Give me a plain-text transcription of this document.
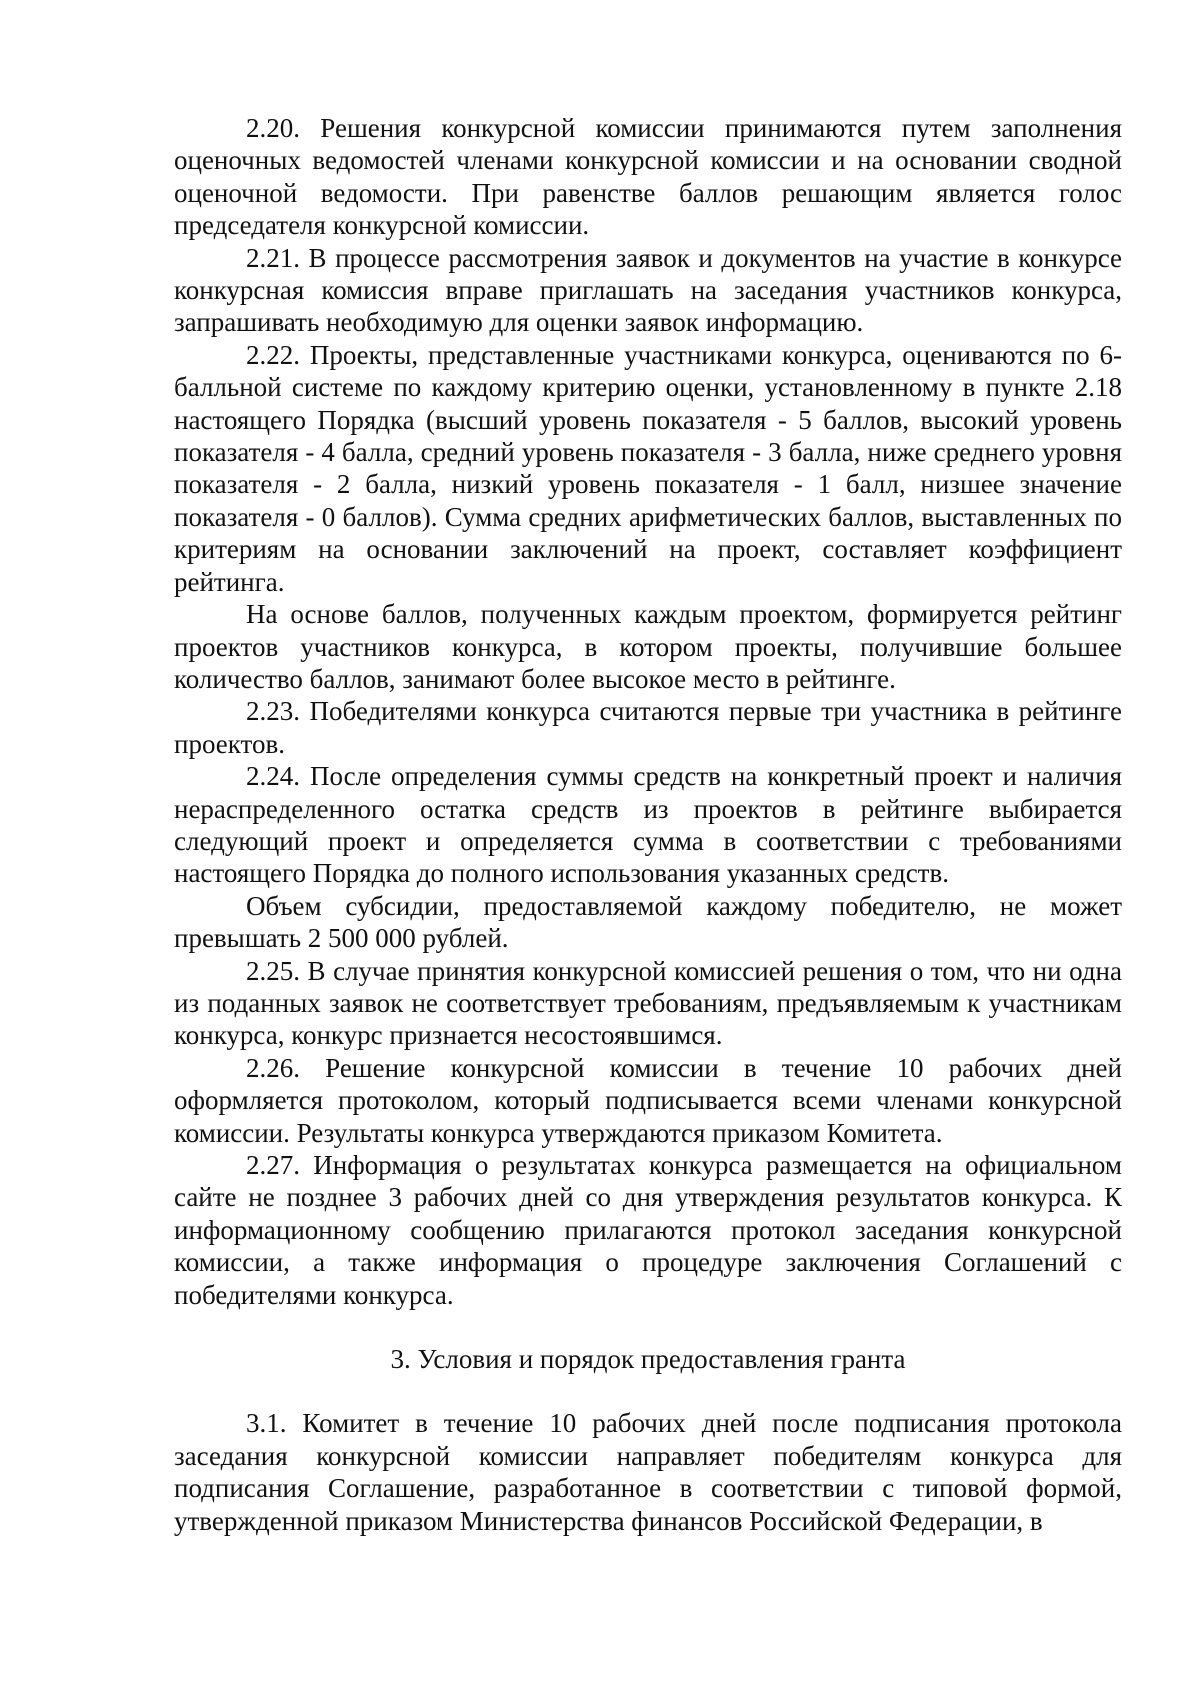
2.20. Решения конкурсной комиссии принимаются путем заполнения оценочных ведомостей членами конкурсной комиссии и на основании сводной оценочной ведомости. При равенстве баллов решающим является голос председателя конкурсной комиссии.

2.21. В процессе рассмотрения заявок и документов на участие в конкурсе конкурсная комиссия вправе приглашать на заседания участников конкурса, запрашивать необходимую для оценки заявок информацию.

2.22. Проекты, представленные участниками конкурса, оцениваются по 6-балльной системе по каждому критерию оценки, установленному в пункте 2.18 настоящего Порядка (высший уровень показателя - 5 баллов, высокий уровень показателя - 4 балла, средний уровень показателя - 3 балла, ниже среднего уровня показателя - 2 балла, низкий уровень показателя - 1 балл, низшее значение показателя - 0 баллов). Сумма средних арифметических баллов, выставленных по критериям на основании заключений на проект, составляет коэффициент рейтинга.

На основе баллов, полученных каждым проектом, формируется рейтинг проектов участников конкурса, в котором проекты, получившие большее количество баллов, занимают более высокое место в рейтинге.

2.23. Победителями конкурса считаются первые три участника в рейтинге проектов.

2.24. После определения суммы средств на конкретный проект и наличия нераспределенного остатка средств из проектов в рейтинге выбирается следующий проект и определяется сумма в соответствии с требованиями настоящего Порядка до полного использования указанных средств.

Объем субсидии, предоставляемой каждому победителю, не может превышать 2 500 000 рублей.

2.25. В случае принятия конкурсной комиссией решения о том, что ни одна из поданных заявок не соответствует требованиям, предъявляемым к участникам конкурса, конкурс признается несостоявшимся.

2.26. Решение конкурсной комиссии в течение 10 рабочих дней оформляется протоколом, который подписывается всеми членами конкурсной комиссии. Результаты конкурса утверждаются приказом Комитета.

2.27. Информация о результатах конкурса размещается на официальном сайте не позднее 3 рабочих дней со дня утверждения результатов конкурса. К информационному сообщению прилагаются протокол заседания конкурсной комиссии, а также информация о процедуре заключения Соглашений с победителями конкурса.

3. Условия и порядок предоставления гранта

3.1. Комитет в течение 10 рабочих дней после подписания протокола заседания конкурсной комиссии направляет победителям конкурса для подписания Соглашение, разработанное в соответствии с типовой формой, утвержденной приказом Министерства финансов Российской Федерации, в
